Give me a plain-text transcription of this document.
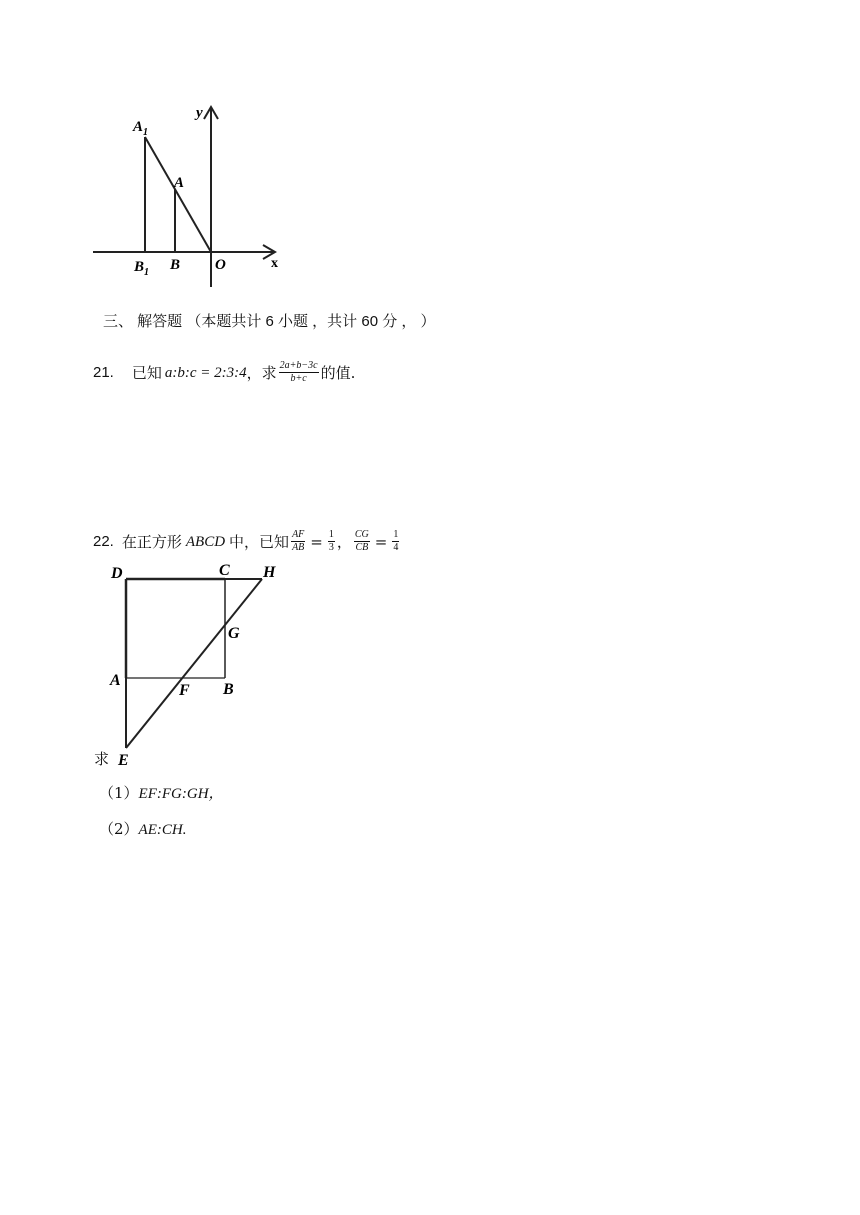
$A_1$
A
$B_1$ B O
y
x
三、 解答题 （本题共计 6 小题 ，共计 60 分 ， ）
21. 已知 a:b:c = 2:3:4 ，求 $\frac{2a+b-3c}{b+c}$ 的值.
22. 在正方形 ABCD 中，已知 $\frac{AF}{AB} = \frac{1}{3}$ ， $\frac{CG}{CB} = \frac{1}{4}$
D	C H
G
A
F B
E
求
（1）EF:FG:GH，
（2）AE:CH.
